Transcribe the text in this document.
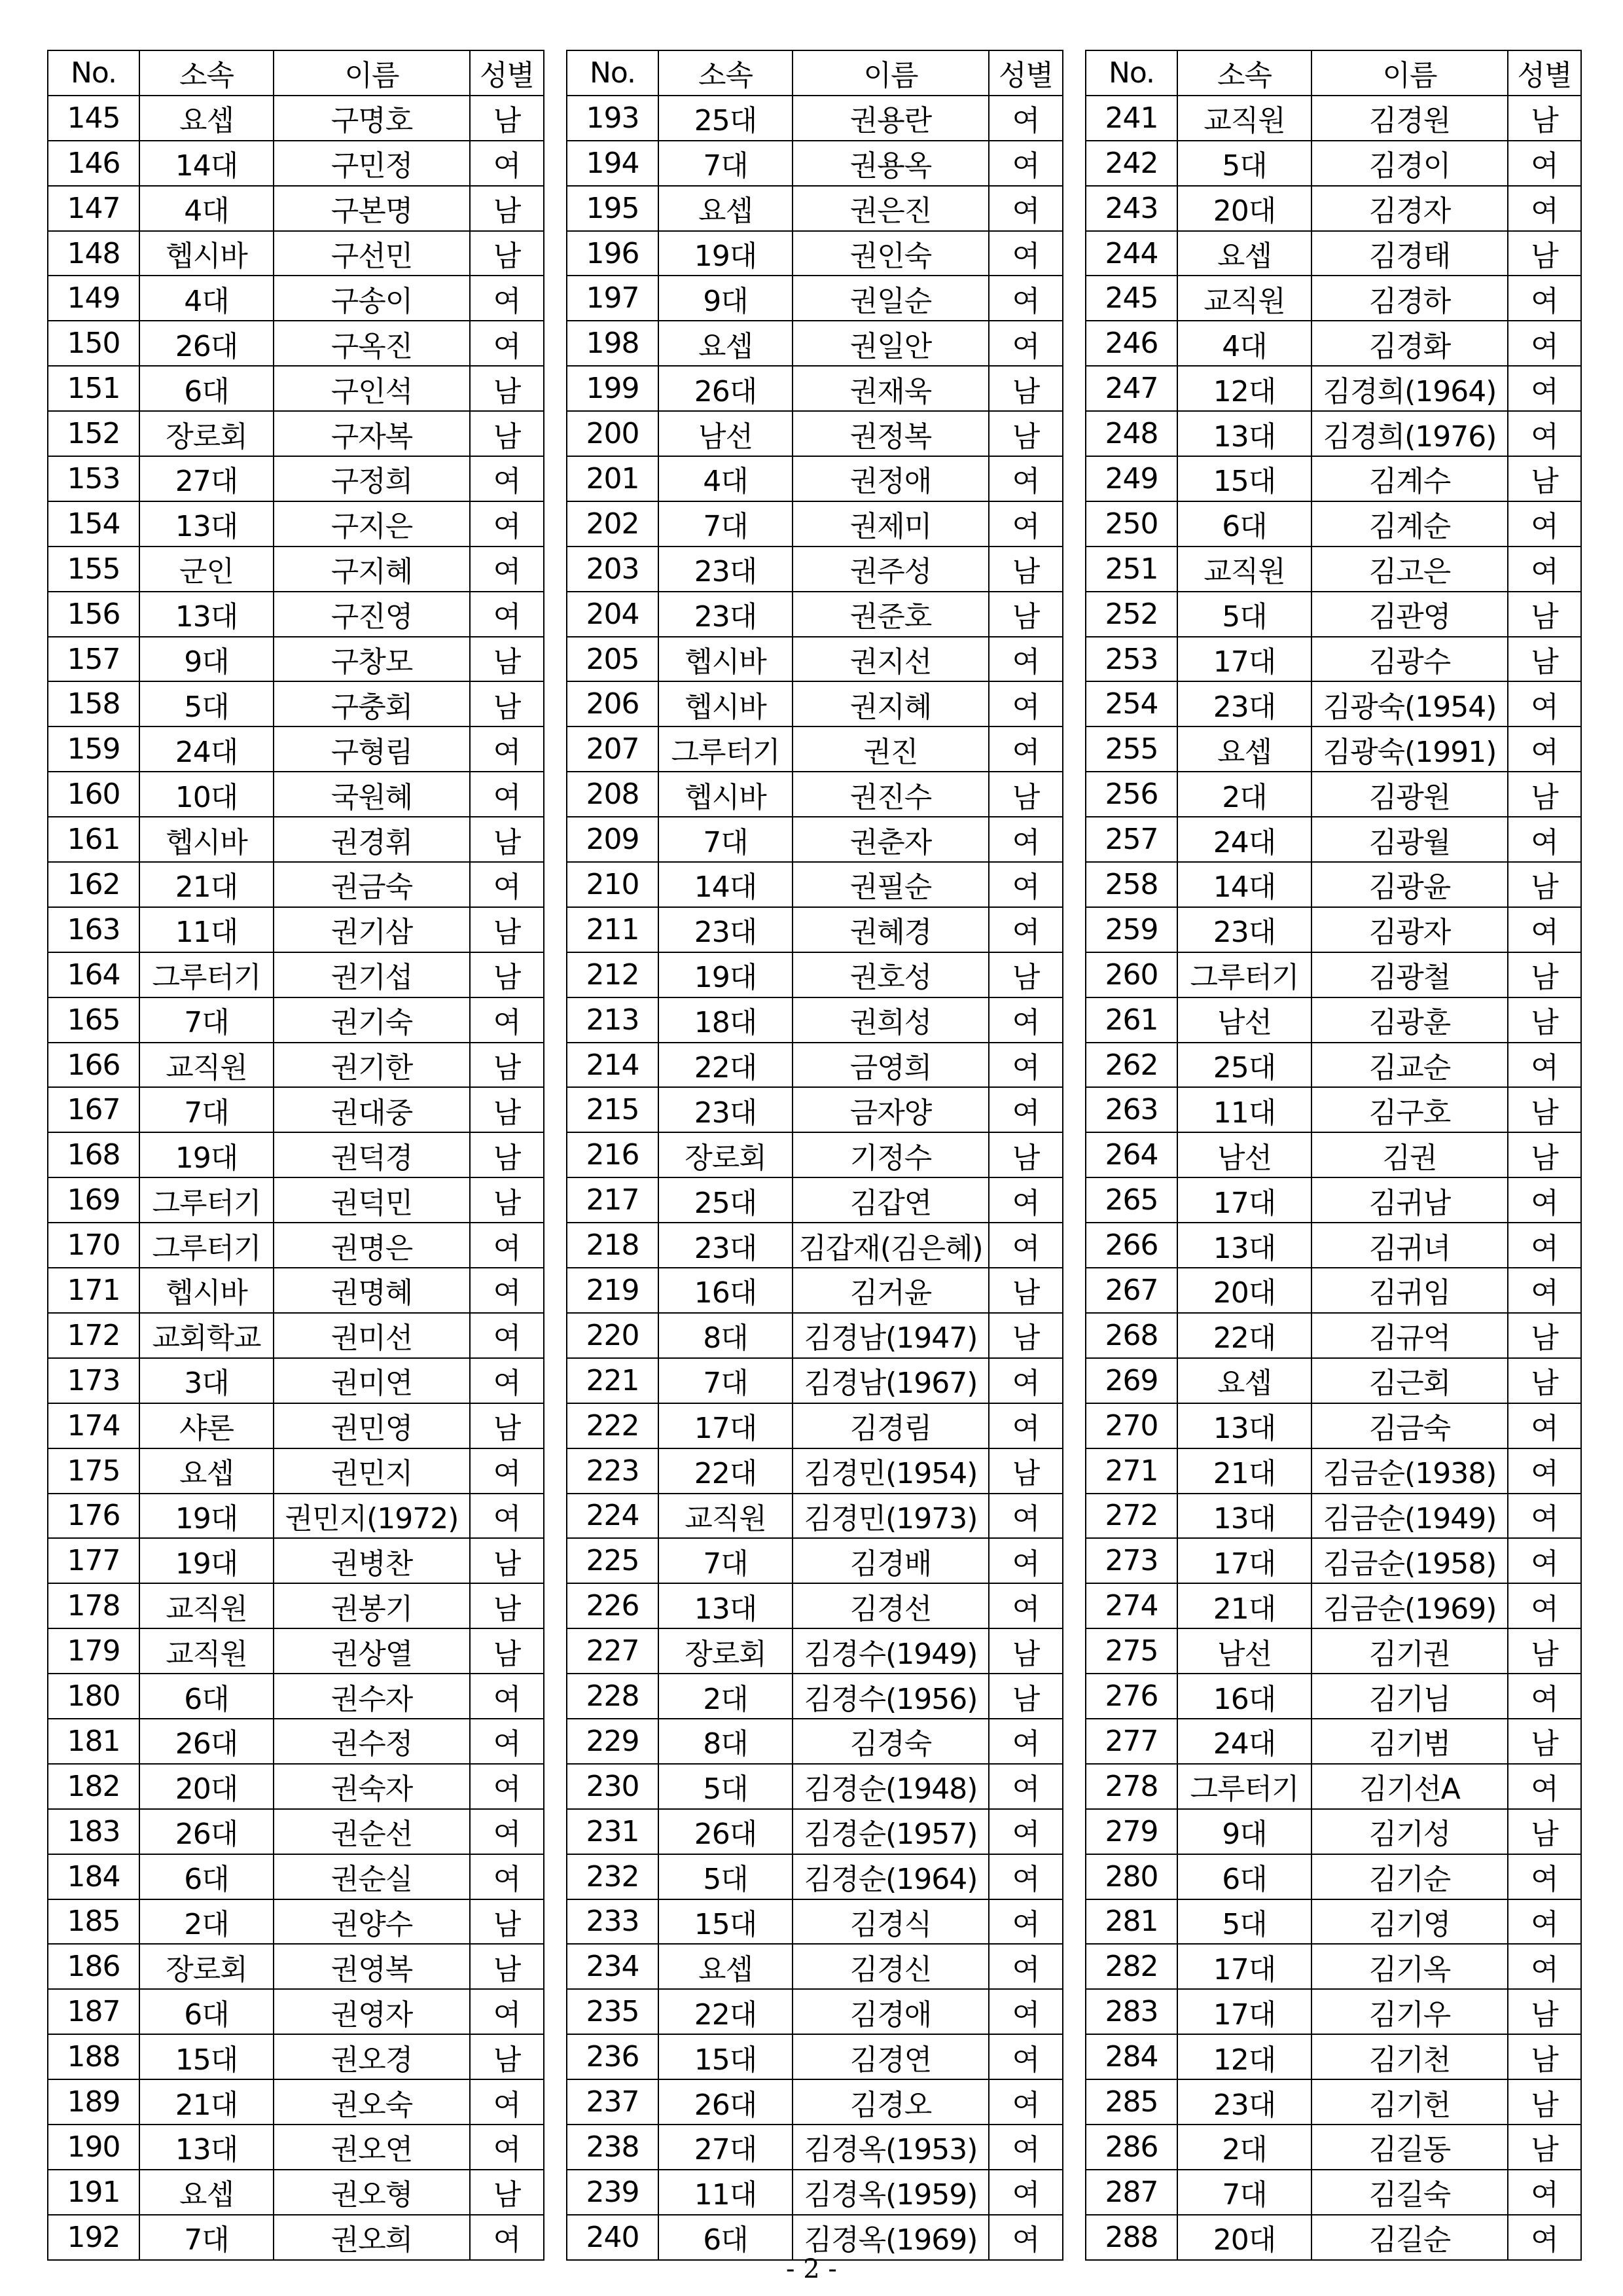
No.	소속	이름	성별
145	요셉	구명호	남
146	14대	구민정	여
147	4대	구본명	남
148	헵시바	구선민	남
149	4대	구송이	여
150	26대	구옥진	여
151	6대	구인석	남
152	장로회	구자복	남
153	27대	구정희	여
154	13대	구지은	여
155	군인	구지혜	여
156	13대	구진영	여
157	9대	구창모	남
158	5대	구충회	남
159	24대	구형림	여
160	10대	국원혜	여
161	헵시바	권경휘	남
162	21대	권금숙	여
163	11대	권기삼	남
164	그루터기	권기섭	남
165	7대	권기숙	여
166	교직원	권기한	남
167	7대	권대중	남
168	19대	권덕경	남
169	그루터기	권덕민	남
170	그루터기	권명은	여
171	헵시바	권명혜	여
172	교회학교	권미선	여
173	3대	권미연	여
174	샤론	권민영	남
175	요셉	권민지	여
176	19대	권민지(1972)	여
177	19대	권병찬	남
178	교직원	권봉기	남
179	교직원	권상열	남
180	6대	권수자	여
181	26대	권수정	여
182	20대	권숙자	여
183	26대	권순선	여
184	6대	권순실	여
185	2대	권양수	남
186	장로회	권영복	남
187	6대	권영자	여
188	15대	권오경	남
189	21대	권오숙	여
190	13대	권오연	여
191	요셉	권오형	남
192	7대	권오희	여
No.	소속	이름	성별
193	25대	권용란	여
194	7대	권용옥	여
195	요셉	권은진	여
196	19대	권인숙	여
197	9대	권일순	여
198	요셉	권일안	여
199	26대	권재욱	남
200	남선	권정복	남
201	4대	권정애	여
202	7대	권제미	여
203	23대	권주성	남
204	23대	권준호	남
205	헵시바	권지선	여
206	헵시바	권지혜	여
207	그루터기	권진	여
208	헵시바	권진수	남
209	7대	권춘자	여
210	14대	권필순	여
211	23대	권혜경	여
212	19대	권호성	남
213	18대	권희성	여
214	22대	금영희	여
215	23대	금자양	여
216	장로회	기정수	남
217	25대	김갑연	여
218	23대	김갑재(김은혜)	여
219	16대	김거윤	남
220	8대	김경남(1947)	남
221	7대	김경남(1967)	여
222	17대	김경림	여
223	22대	김경민(1954)	남
224	교직원	김경민(1973)	여
225	7대	김경배	여
226	13대	김경선	여
227	장로회	김경수(1949)	남
228	2대	김경수(1956)	남
229	8대	김경숙	여
230	5대	김경순(1948)	여
231	26대	김경순(1957)	여
232	5대	김경순(1964)	여
233	15대	김경식	여
234	요셉	김경신	여
235	22대	김경애	여
236	15대	김경연	여
237	26대	김경오	여
238	27대	김경옥(1953)	여
239	11대	김경옥(1959)	여
240	6대	김경옥(1969)	여
No.	소속	이름	성별
241	교직원	김경원	남
242	5대	김경이	여
243	20대	김경자	여
244	요셉	김경태	남
245	교직원	김경하	여
246	4대	김경화	여
247	12대	김경희(1964)	여
248	13대	김경희(1976)	여
249	15대	김계수	남
250	6대	김계순	여
251	교직원	김고은	여
252	5대	김관영	남
253	17대	김광수	남
254	23대	김광숙(1954)	여
255	요셉	김광숙(1991)	여
256	2대	김광원	남
257	24대	김광월	여
258	14대	김광윤	남
259	23대	김광자	여
260	그루터기	김광철	남
261	남선	김광훈	남
262	25대	김교순	여
263	11대	김구호	남
264	남선	김권	남
265	17대	김귀남	여
266	13대	김귀녀	여
267	20대	김귀임	여
268	22대	김규억	남
269	요셉	김근회	남
270	13대	김금숙	여
271	21대	김금순(1938)	여
272	13대	김금순(1949)	여
273	17대	김금순(1958)	여
274	21대	김금순(1969)	여
275	남선	김기권	남
276	16대	김기님	여
277	24대	김기범	남
278	그루터기	김기선A	여
279	9대	김기성	남
280	6대	김기순	여
281	5대	김기영	여
282	17대	김기옥	여
283	17대	김기우	남
284	12대	김기천	남
285	23대	김기헌	남
286	2대	김길동	남
287	7대	김길숙	여
288	20대	김길순	여
- 2 -
